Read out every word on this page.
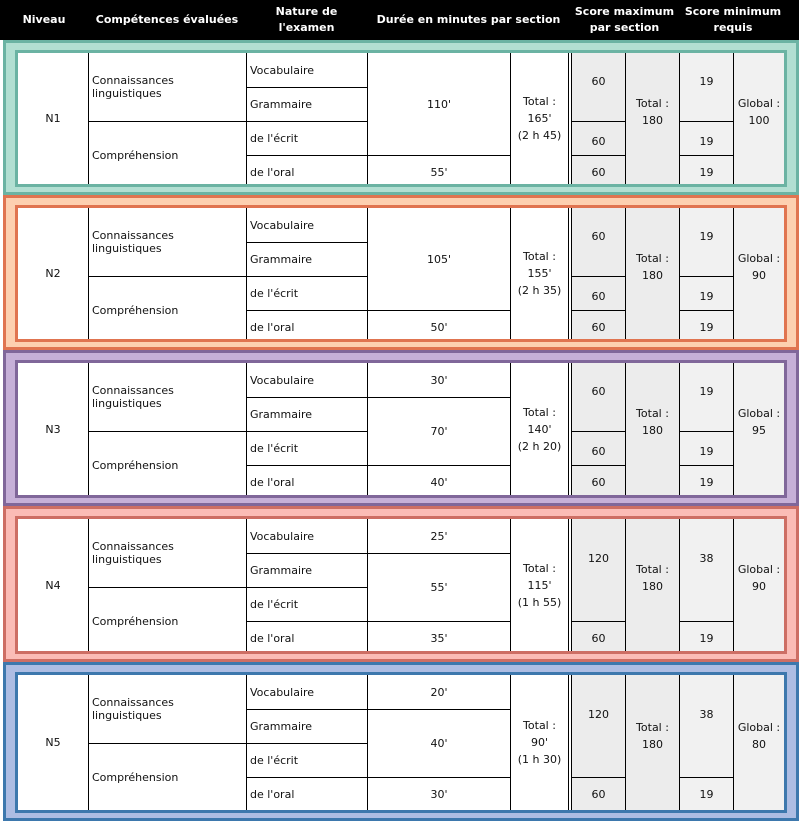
Niveau	Compétences évaluées
Nature de l'examen
Durée en minutes par section
Score maximum
par section
Score minimum
requis
N1
Connaissances linguistiques
Compréhension
Vocabulaire
Grammaire
de l'écrit
de l'oral
110'
55'
Total :
165'
(2 h 45)
60
60
60
19
19
19
Total :
180
Global :
100
N2
Connaissances linguistiques
Compréhension
Vocabulaire
Grammaire
de l'écrit
de l'oral
105'
50'
Total :
155'
(2 h 35)
60
60
60
19
19
19
Total :
180
Global :
90
N3
Connaissances linguistiques
Compréhension
Vocabulaire
Grammaire
de l'écrit
de l'oral
30'
70'
40'
Total :
140'
(2 h 20)
60
60
60
19
19
19
Total :
180
Global :
95
N4
Connaissances linguistiques
Compréhension
Vocabulaire
Grammaire
de l'écrit
de l'oral
25'
55'
35'
Total :
115'
(1 h 55)
120
60
38
19
Total :
180
Global :
90
N5
Connaissances linguistiques
Compréhension
Vocabulaire
Grammaire
de l'écrit
de l'oral
20'
40'
30'
Total :
90'
(1 h 30)
120
60
38
19
Total :
180
Global :
80
